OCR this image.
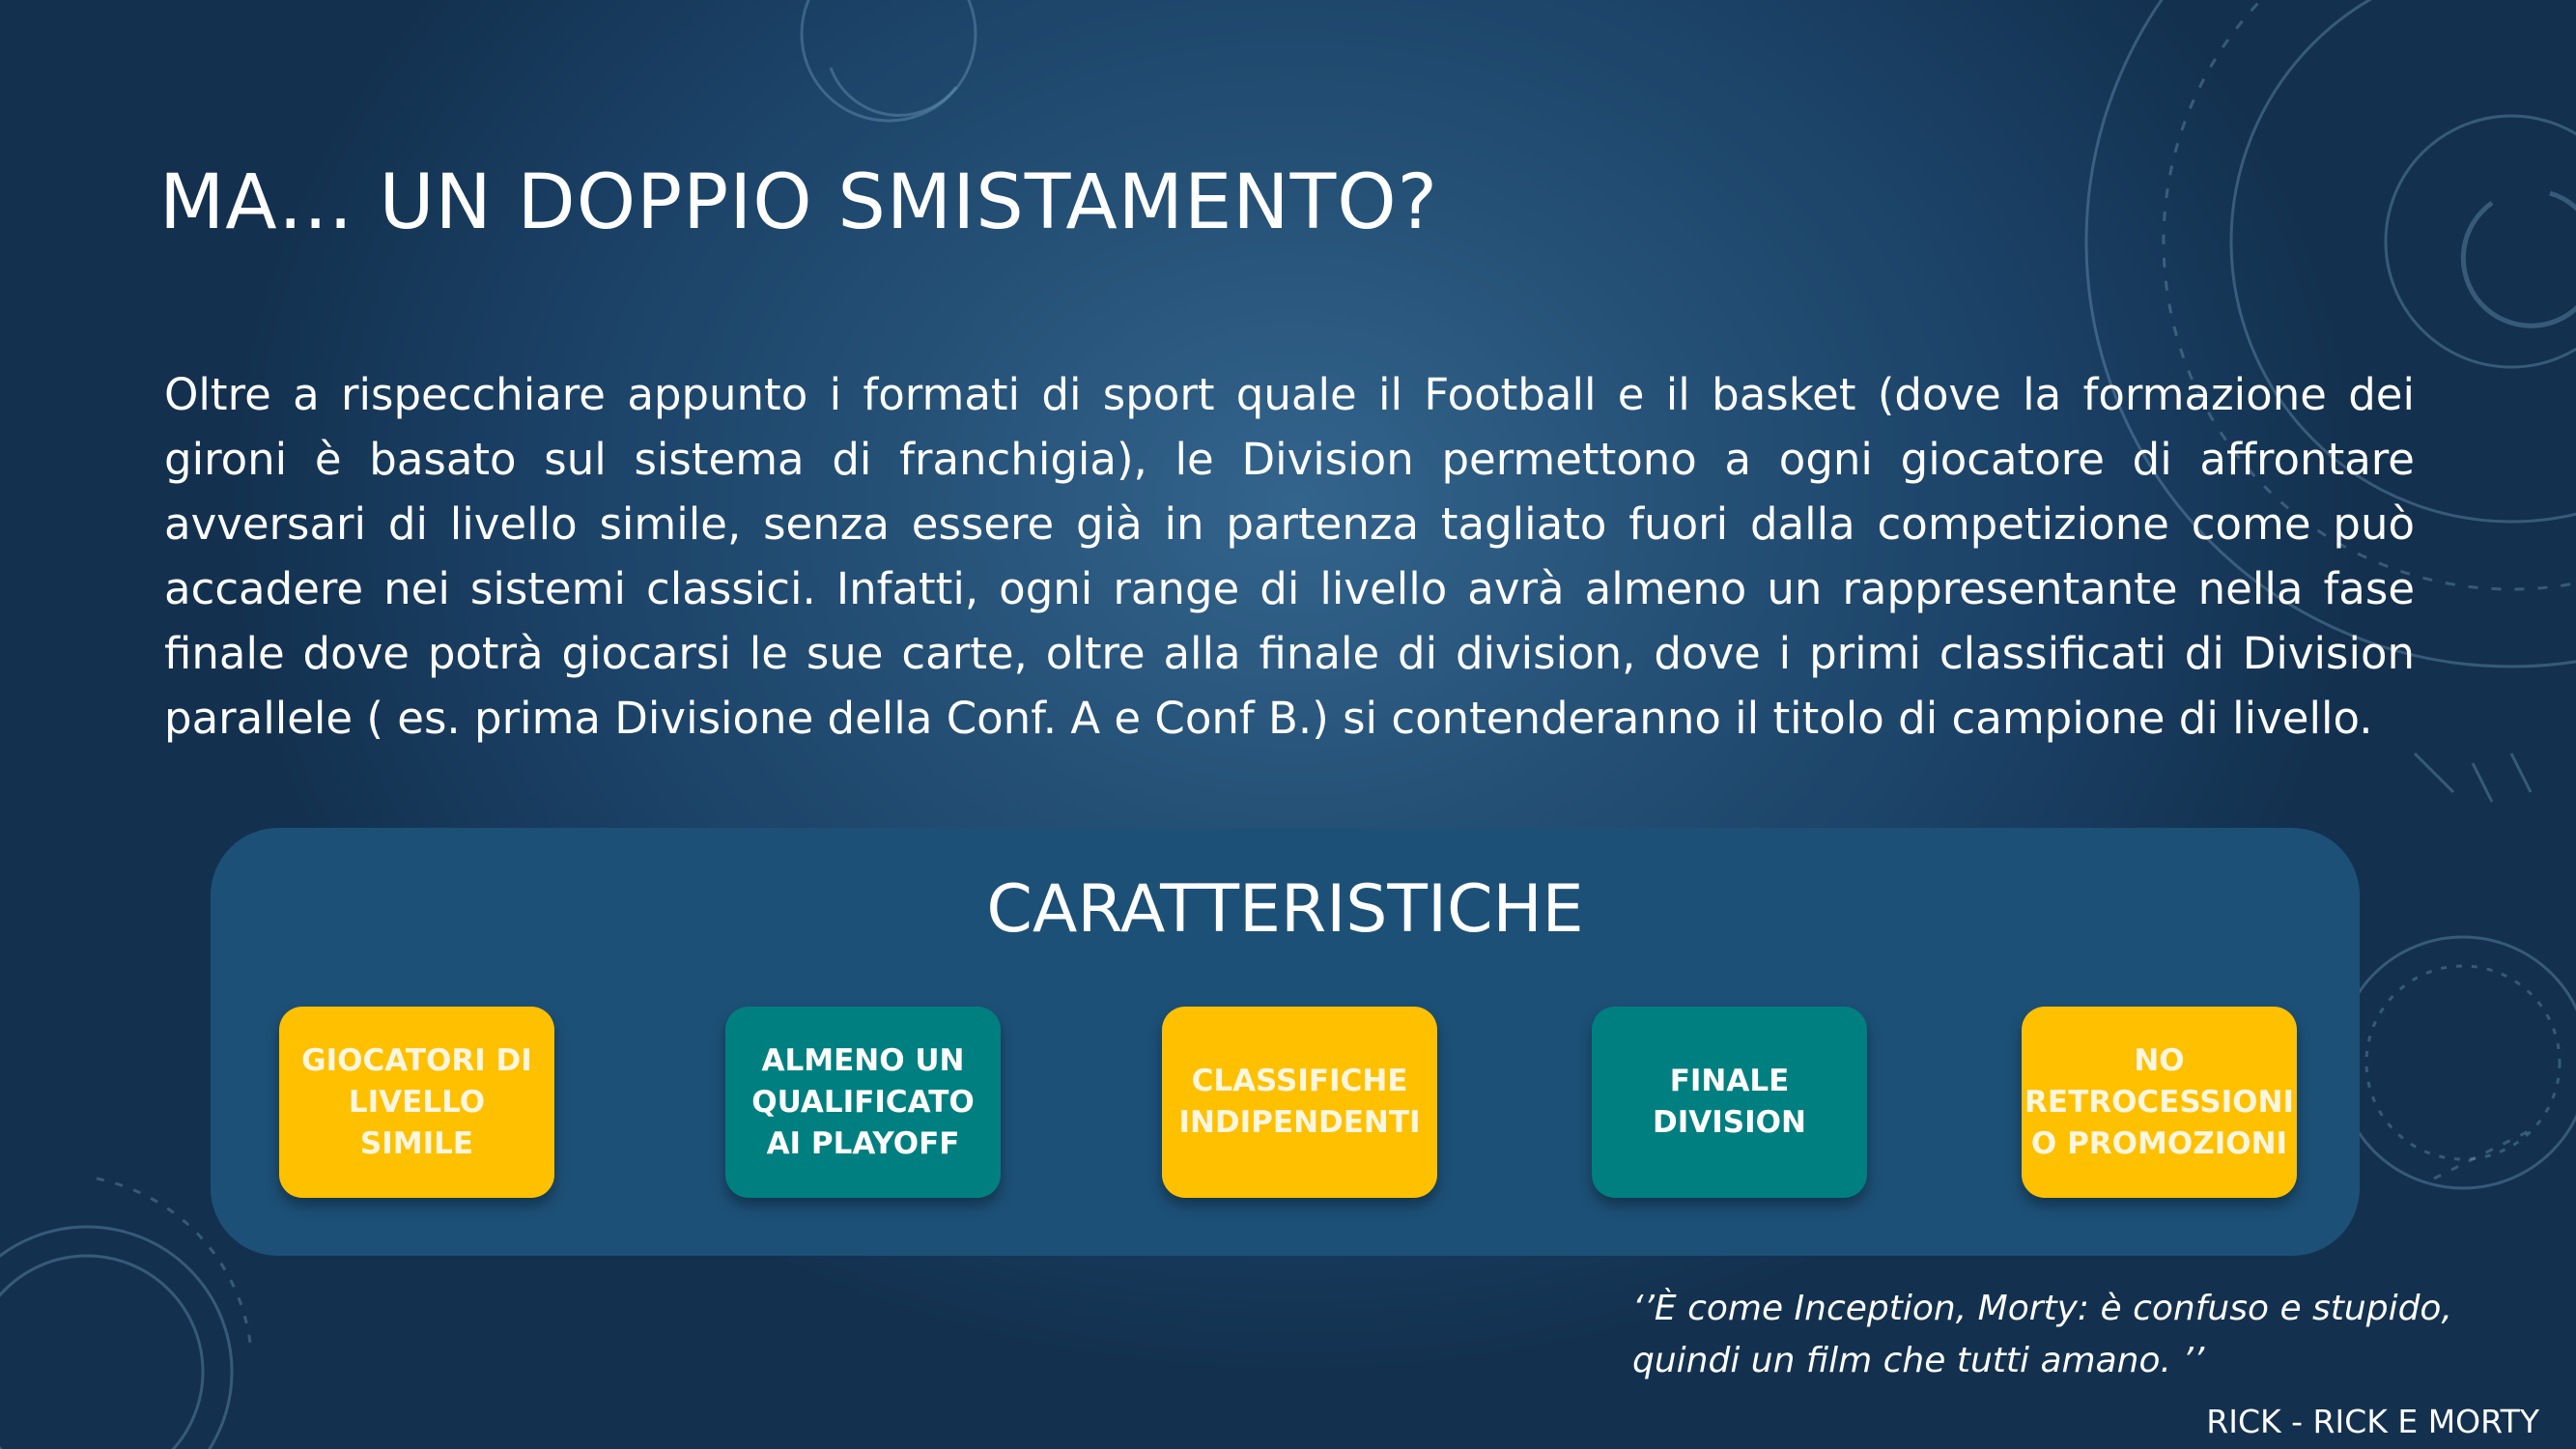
MA… UN DOPPIO SMISTAMENTO?
Oltre a rispecchiare appunto i formati di sport quale il Football e il basket (dove la formazione dei gironi è basato sul sistema di franchigia), le Division permettono a ogni giocatore di affrontare avversari di livello simile, senza essere già in partenza tagliato fuori dalla competizione come può accadere nei sistemi classici. Infatti, ogni range di livello avrà almeno un rappresentante nella fase finale dove potrà giocarsi le sue carte, oltre alla finale di division, dove i primi classificati di Division parallele ( es. prima Divisione della Conf. A e Conf B.) si contenderanno il titolo di campione di livello.
CARATTERISTICHE
GIOCATORI DI LIVELLO SIMILE
ALMENO UN QUALIFICATO AI PLAYOFF
CLASSIFICHE INDIPENDENTI
FINALE DIVISION
NO RETROCESSIONI O PROMOZIONI
‘’È come Inception, Morty: è confuso e stupido, quindi un film che tutti amano. ’’
RICK - RICK E MORTY
